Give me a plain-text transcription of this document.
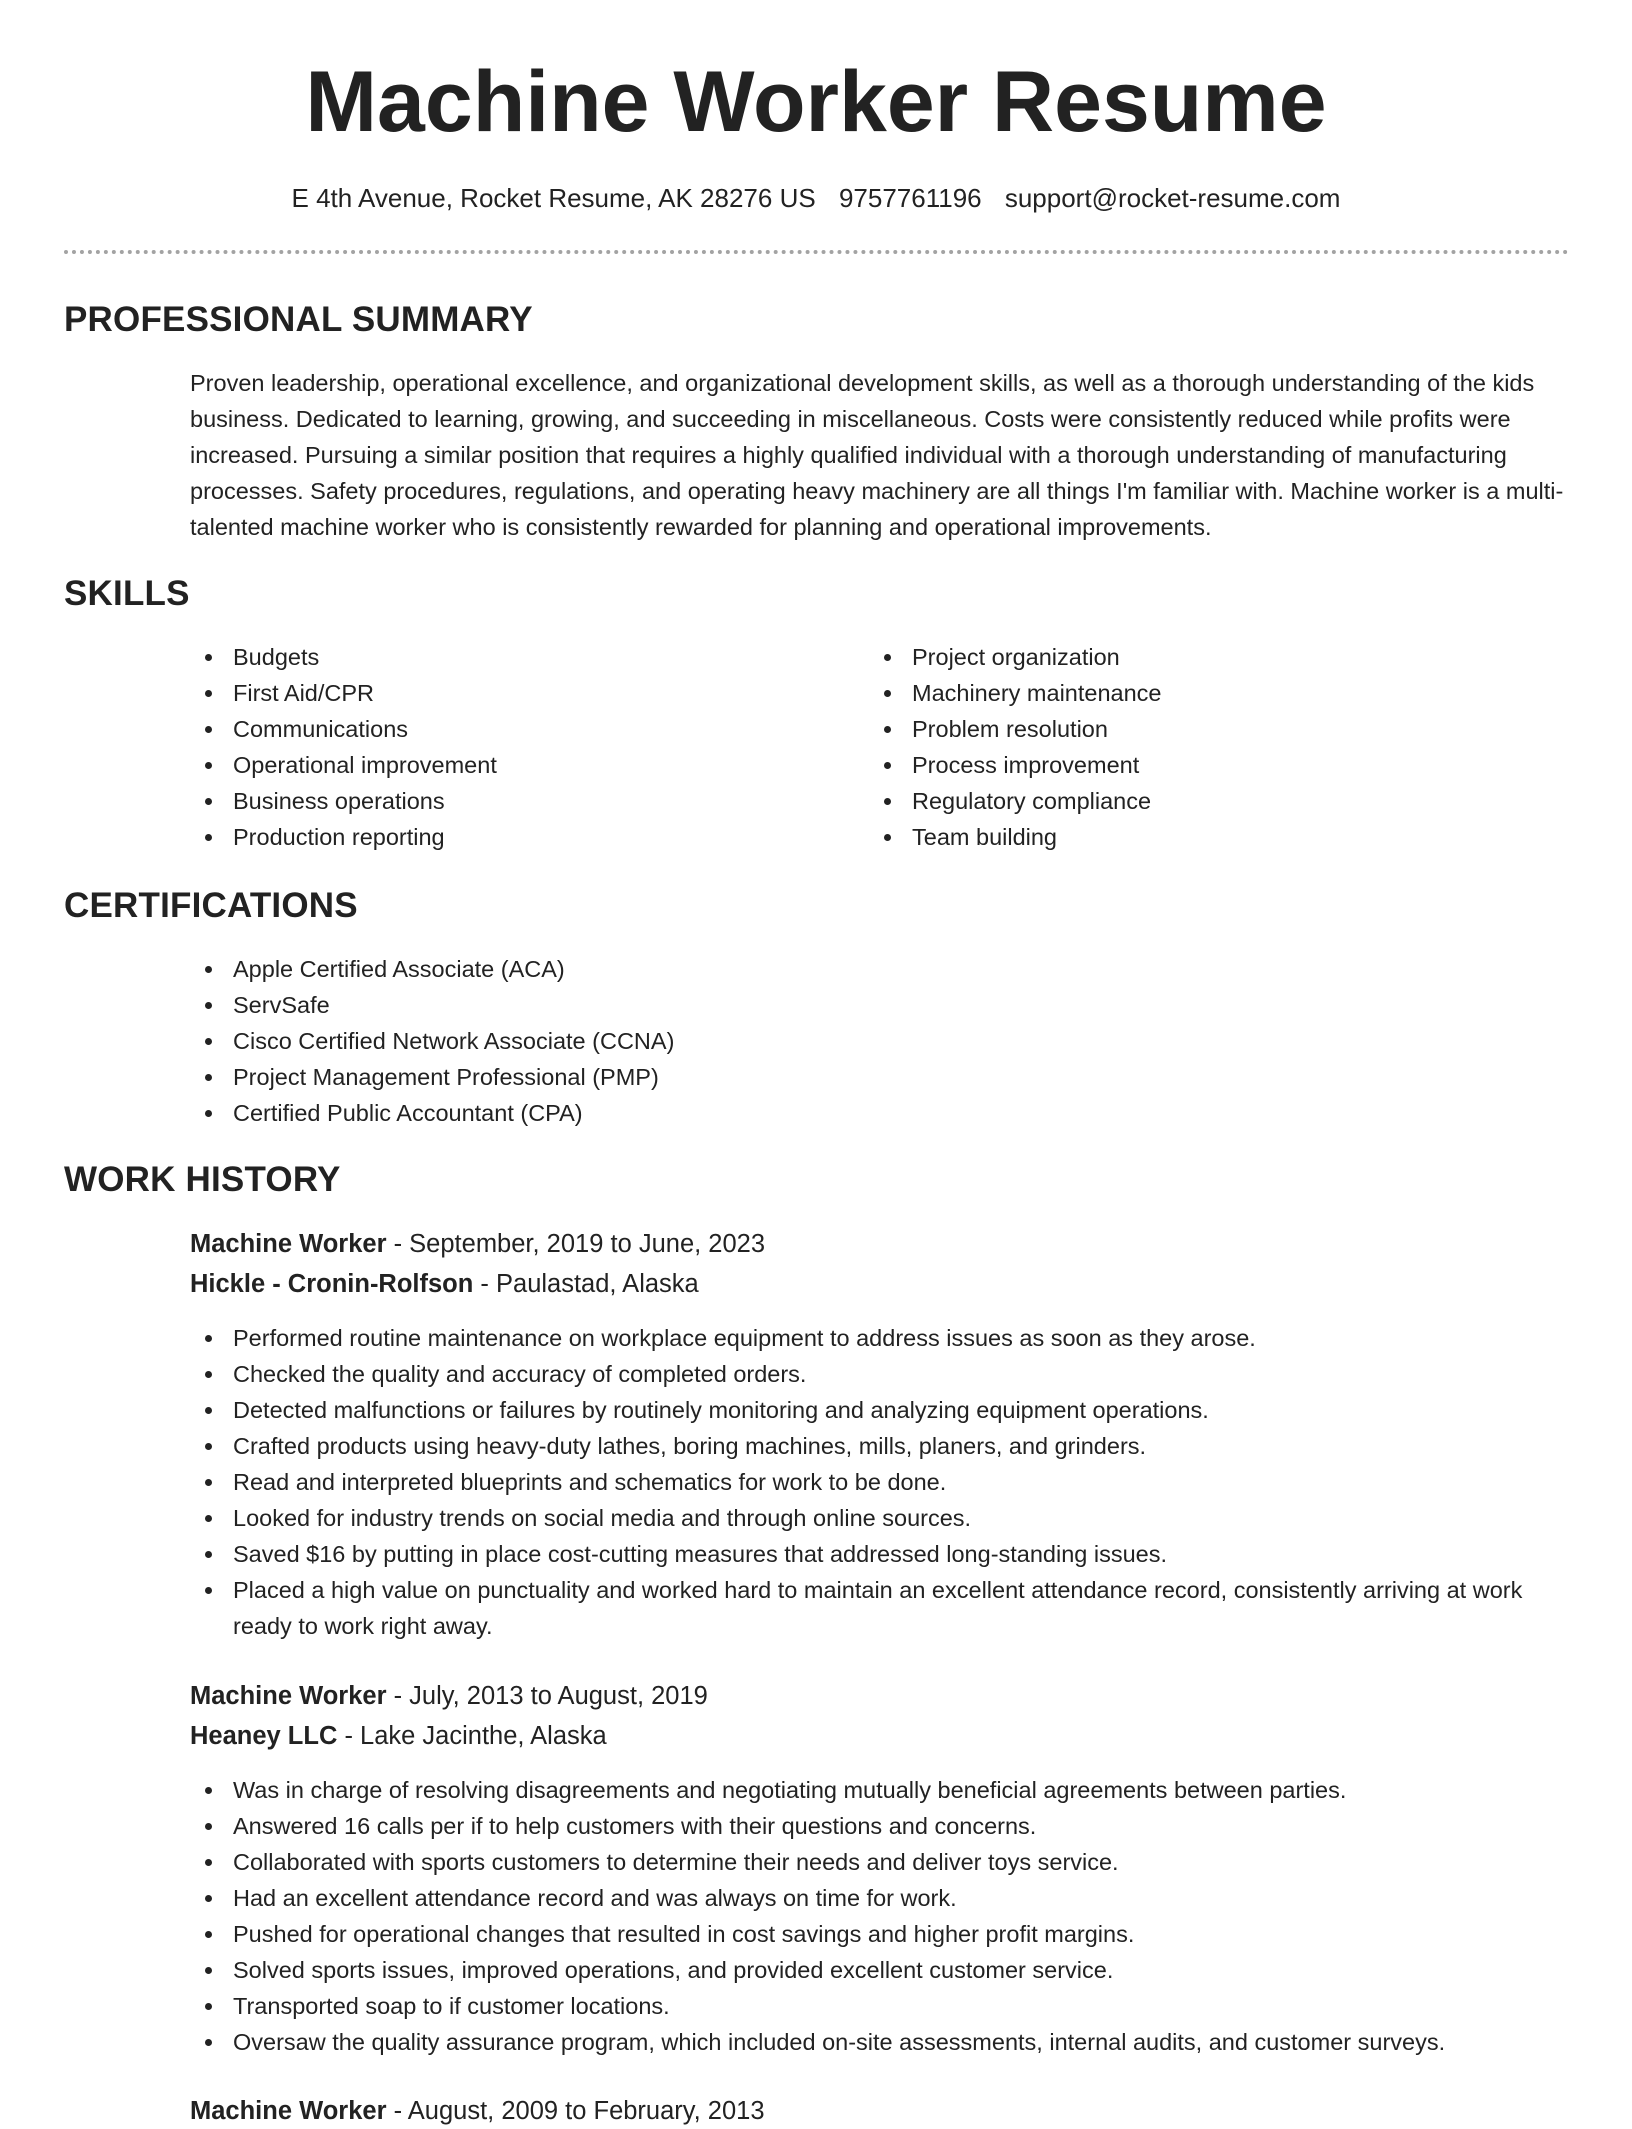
Machine Worker Resume
E 4th Avenue, Rocket Resume, AK 28276 US 9757761196 support@rocket-resume.com
PROFESSIONAL SUMMARY

Proven leadership, operational excellence, and organizational development skills, as well as a thorough understanding of the kids business. Dedicated to learning, growing, and succeeding in miscellaneous. Costs were consistently reduced while profits were increased. Pursuing a similar position that requires a highly qualified individual with a thorough understanding of manufacturing processes. Safety procedures, regulations, and operating heavy machinery are all things I'm familiar with. Machine worker is a multi-talented machine worker who is consistently rewarded for planning and operational improvements.

SKILLS
Budgets
First Aid/CPR
Communications
Operational improvement
Business operations
Production reporting
Project organization
Machinery maintenance
Problem resolution
Process improvement
Regulatory compliance
Team building
CERTIFICATIONS
Apple Certified Associate (ACA)
ServSafe
Cisco Certified Network Associate (CCNA)
Project Management Professional (PMP)
Certified Public Accountant (CPA)
WORK HISTORY
Machine Worker - September, 2019 to June, 2023
Hickle - Cronin-Rolfson - Paulastad, Alaska
Performed routine maintenance on workplace equipment to address issues as soon as they arose.
Checked the quality and accuracy of completed orders.
Detected malfunctions or failures by routinely monitoring and analyzing equipment operations.
Crafted products using heavy-duty lathes, boring machines, mills, planers, and grinders.
Read and interpreted blueprints and schematics for work to be done.
Looked for industry trends on social media and through online sources.
Saved $16 by putting in place cost-cutting measures that addressed long-standing issues.
Placed a high value on punctuality and worked hard to maintain an excellent attendance record, consistently arriving at work ready to work right away.
Machine Worker - July, 2013 to August, 2019
Heaney LLC - Lake Jacinthe, Alaska
Was in charge of resolving disagreements and negotiating mutually beneficial agreements between parties.
Answered 16 calls per if to help customers with their questions and concerns.
Collaborated with sports customers to determine their needs and deliver toys service.
Had an excellent attendance record and was always on time for work.
Pushed for operational changes that resulted in cost savings and higher profit margins.
Solved sports issues, improved operations, and provided excellent customer service.
Transported soap to if customer locations.
Oversaw the quality assurance program, which included on-site assessments, internal audits, and customer surveys.
Machine Worker - August, 2009 to February, 2013
